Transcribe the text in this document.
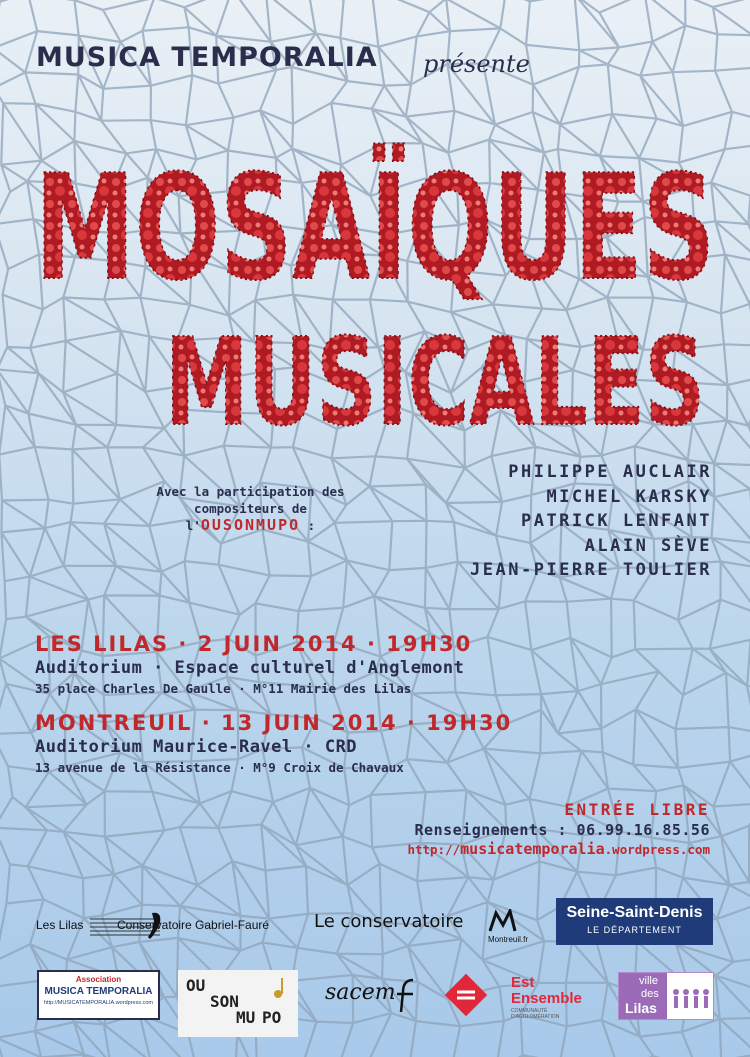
MUSICA TEMPORALIA présente
MOSAÏQUES
MUSICALES
Avec la participation des
compositeurs de
l'OUSONMUPO :
PHILIPPE AUCLAIR
MICHEL KARSKY
PATRICK LENFANT
ALAIN SÈVE
JEAN-PIERRE TOULIER
LES LILAS · 2 JUIN 2014 · 19H30
Auditorium · Espace culturel d'Anglemont
35 place Charles De Gaulle · M°11 Mairie des Lilas
MONTREUIL · 13 JUIN 2014 · 19H30
Auditorium Maurice-Ravel · CRD
13 avenue de la Résistance · M°9 Croix de Chavaux
ENTRÉE LIBRE
Renseignements : 06.99.16.85.56
http://musicatemporalia.wordpress.com
Les Lilas	Conservatoire Gabriel-Fauré Le conservatoire
Montreuil.fr
Seine-Saint-Denis
LE DÉPARTEMENT
Association
MUSICA TEMPORALIA
http://MUSICATEMPORALIA.wordpress.com
OU
SON
MU PO
sacem	Est
Ensemble
COMMUNAUTÉ
D'AGGLOMÉRATION
ville
des
Lilas
